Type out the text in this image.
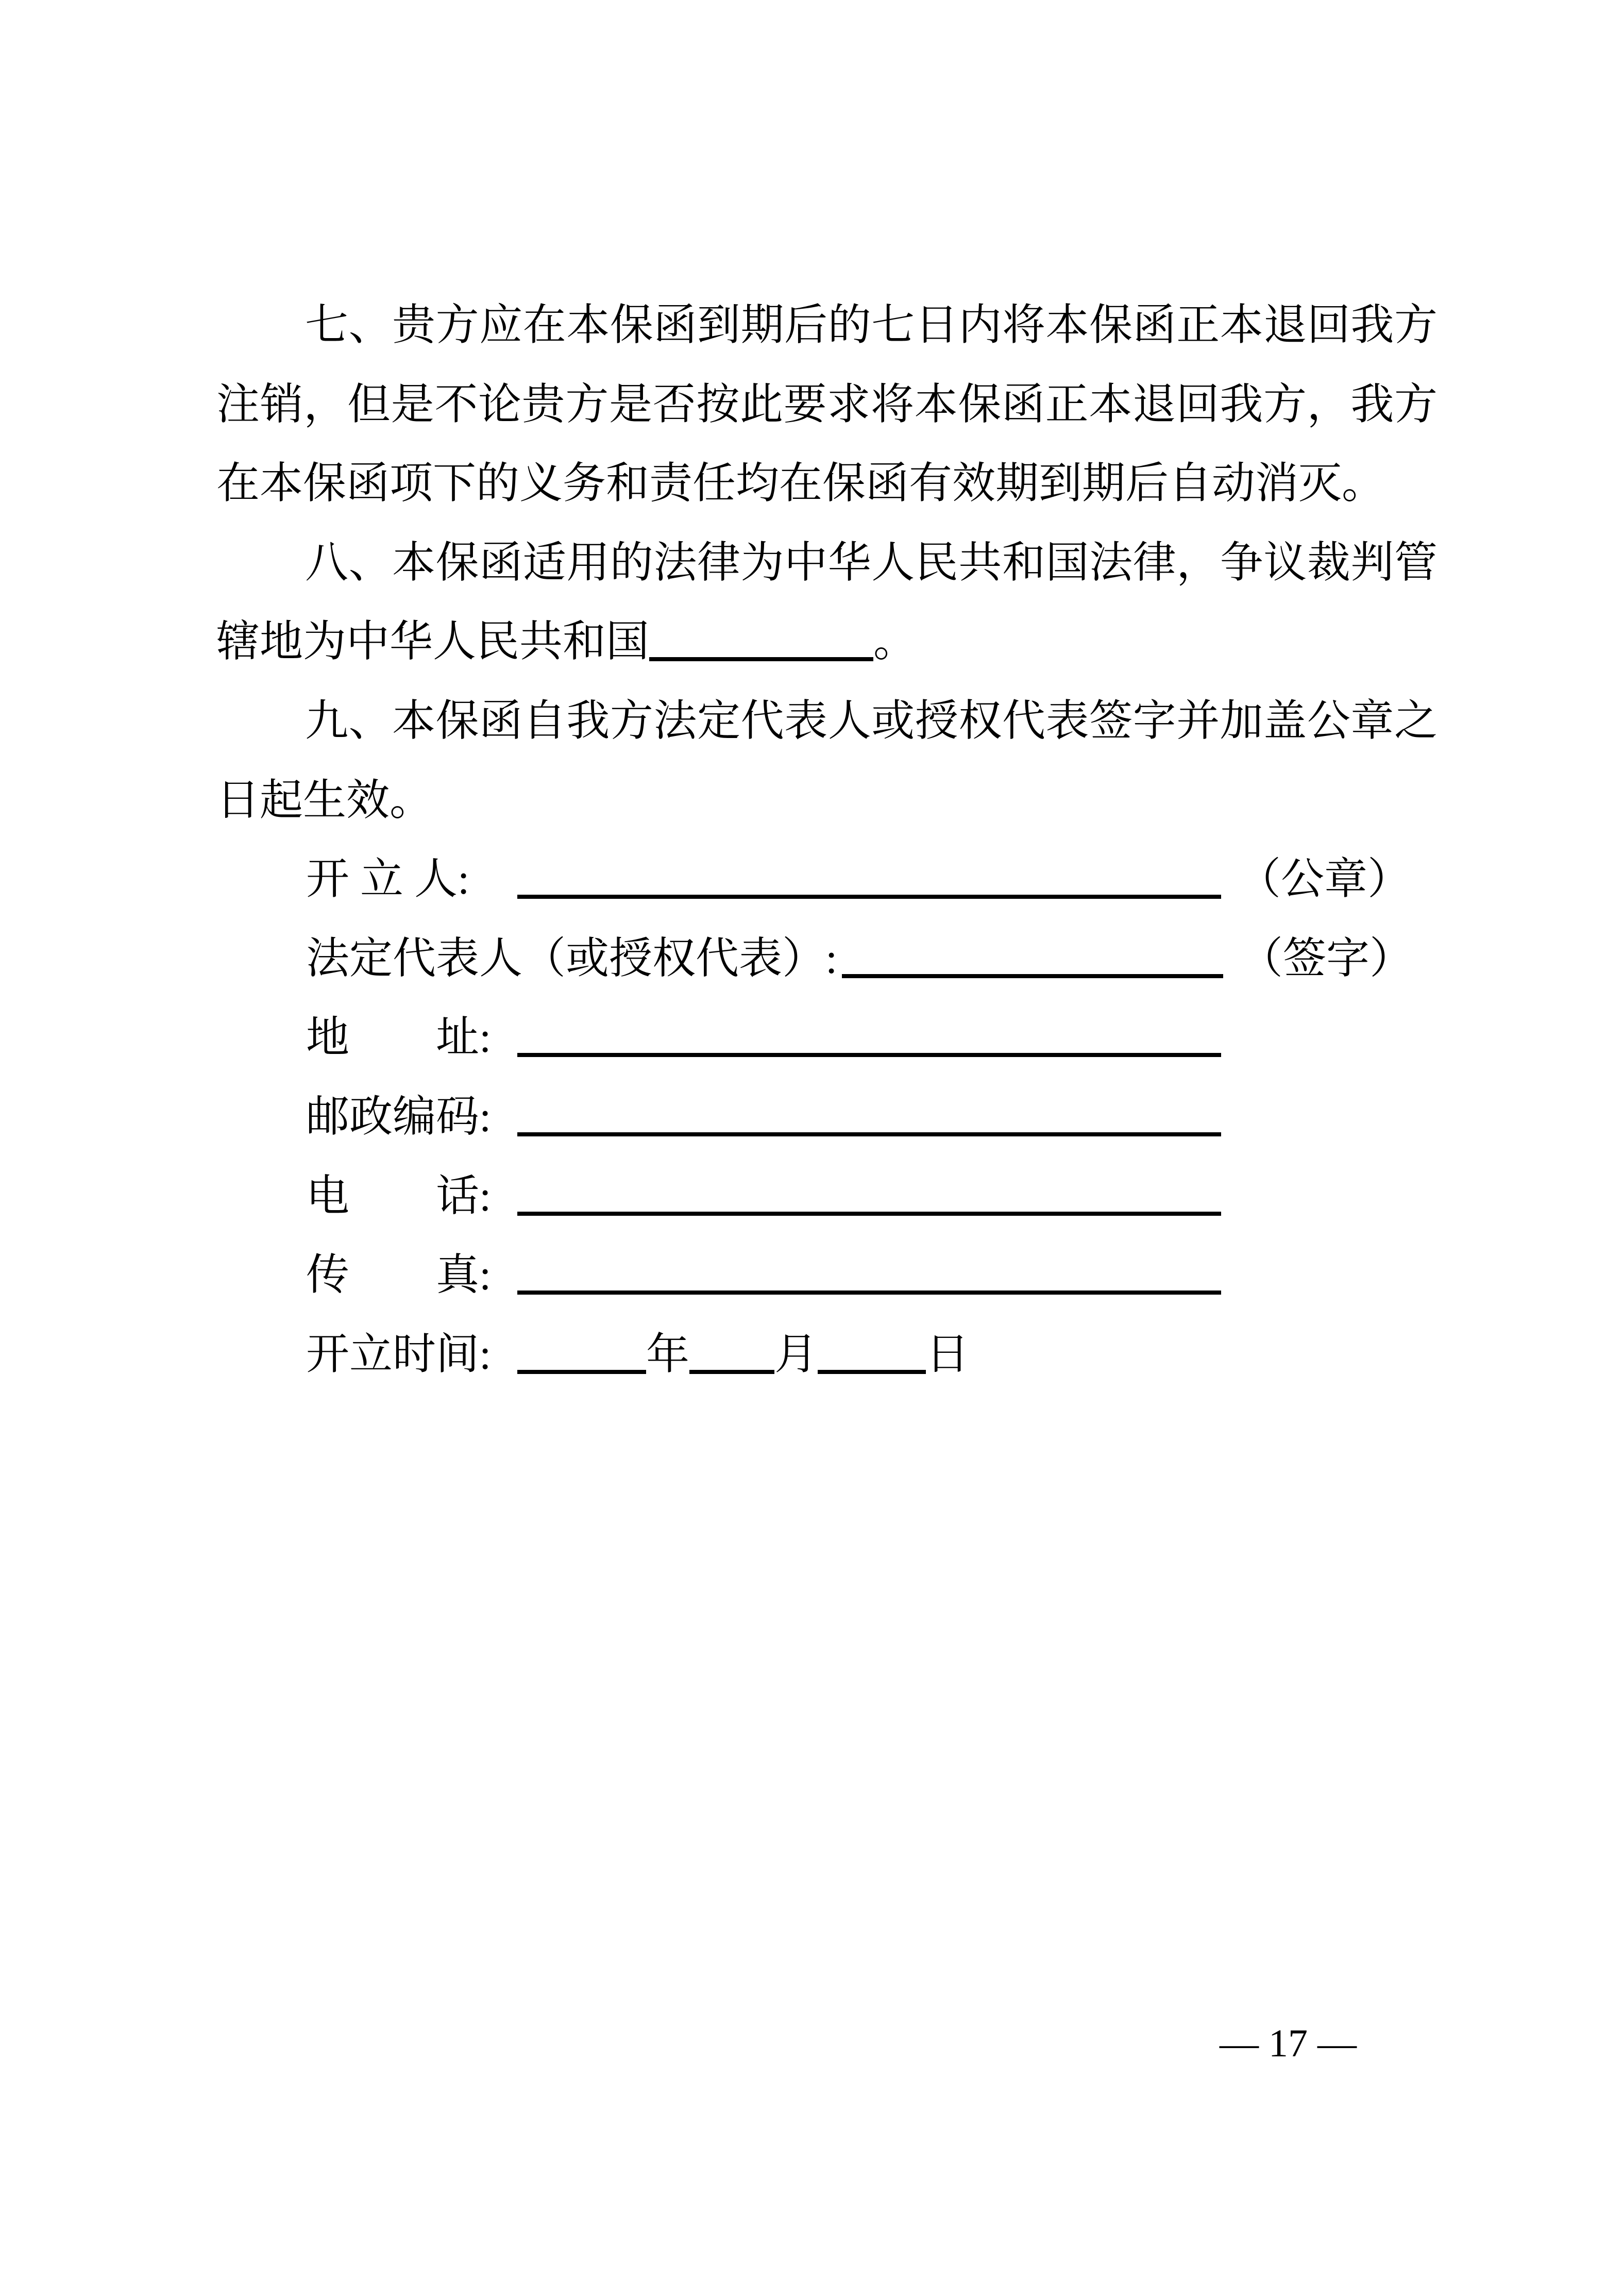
七、贵方应在本保函到期后的七日内将本保函正本退回我方
注销，但是不论贵方是否按此要求将本保函正本退回我方，我方
在本保函项下的义务和责任均在保函有效期到期后自动消灭。
八、本保函适用的法律为中华人民共和国法律，争议裁判管
辖地为中华人民共和国	。
九、本保函自我方法定代表人或授权代表签字并加盖公章之
日起生效。
开 立 人:	（公章）
法定代表人（或授权代表）:	（签字）
地　　址:
邮政编码:
电　　话:
传　　真:
开立时间:	年 月	日
— 17 —
